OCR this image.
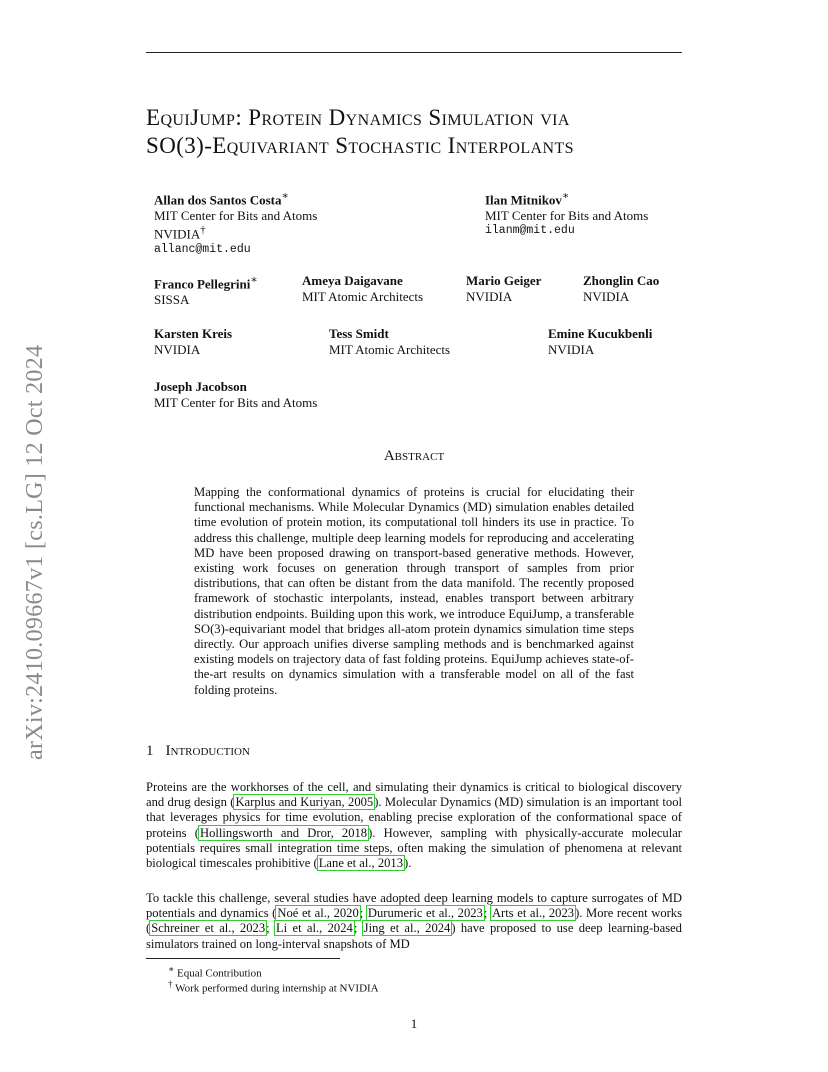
arXiv:2410.09667v1 [cs.LG] 12 Oct 2024
EquiJump: Protein Dynamics Simulation via
SO(3)-Equivariant Stochastic Interpolants
Allan dos Santos Costa∗
MIT Center for Bits and Atoms
NVIDIA†
allanc@mit.edu
Ilan Mitnikov∗
MIT Center for Bits and Atoms
ilanm@mit.edu
Franco Pellegrini∗
SISSA
Ameya Daigavane
MIT Atomic Architects
Mario Geiger
NVIDIA
Zhonglin Cao
NVIDIA
Karsten Kreis
NVIDIA
Tess Smidt
MIT Atomic Architects
Emine Kucukbenli
NVIDIA
Joseph Jacobson
MIT Center for Bits and Atoms
Abstract
Mapping the conformational dynamics of proteins is crucial for elucidating their functional mechanisms. While Molecular Dynamics (MD) simulation enables detailed time evolution of protein motion, its computational toll hinders its use in practice. To address this challenge, multiple deep learning models for reproducing and accelerating MD have been proposed drawing on transport-based generative methods. However, existing work focuses on generation through transport of samples from prior distributions, that can often be distant from the data manifold. The recently proposed framework of stochastic interpolants, instead, enables transport between arbitrary distribution endpoints. Building upon this work, we introduce EquiJump, a transferable SO(3)-equivariant model that bridges all-atom protein dynamics simulation time steps directly. Our approach unifies diverse sampling methods and is benchmarked against existing models on trajectory data of fast folding proteins. EquiJump achieves state-of-the-art results on dynamics simulation with a transferable model on all of the fast folding proteins.
1 Introduction
Proteins are the workhorses of the cell, and simulating their dynamics is critical to biological discovery and drug design (Karplus and Kuriyan, 2005). Molecular Dynamics (MD) simulation is an important tool that leverages physics for time evolution, enabling precise exploration of the conformational space of proteins (Hollingsworth and Dror, 2018). However, sampling with physically-accurate molecular potentials requires small integration time steps, often making the simulation of phenomena at relevant biological timescales prohibitive (Lane et al., 2013).
To tackle this challenge, several studies have adopted deep learning models to capture surrogates of MD potentials and dynamics (Noé et al., 2020; Durumeric et al., 2023; Arts et al., 2023). More recent works (Schreiner et al., 2023; Li et al., 2024; Jing et al., 2024) have proposed to use deep learning-based simulators trained on long-interval snapshots of MD
∗ Equal Contribution
† Work performed during internship at NVIDIA
1
